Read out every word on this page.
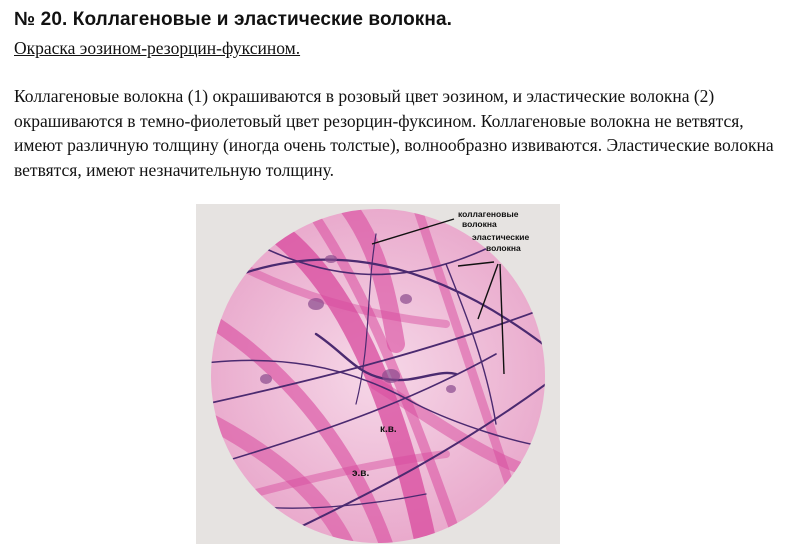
№ 20. Коллагеновые и эластические волокна.
Окраска эозином-резорцин-фуксином.

Коллагеновые волокна (1) окрашиваются в розовый цвет эозином, и эластические волокна (2) окрашиваются в темно-фиолетовый цвет резорцин-фуксином. Коллагеновые волокна не ветвятся, имеют различную толщину (иногда очень толстые), волнообразно извиваются. Эластические волокна ветвятся, имеют незначительную толщину.

коллагеновые
волокна
эластические
волокна
к.в.
э.в.
